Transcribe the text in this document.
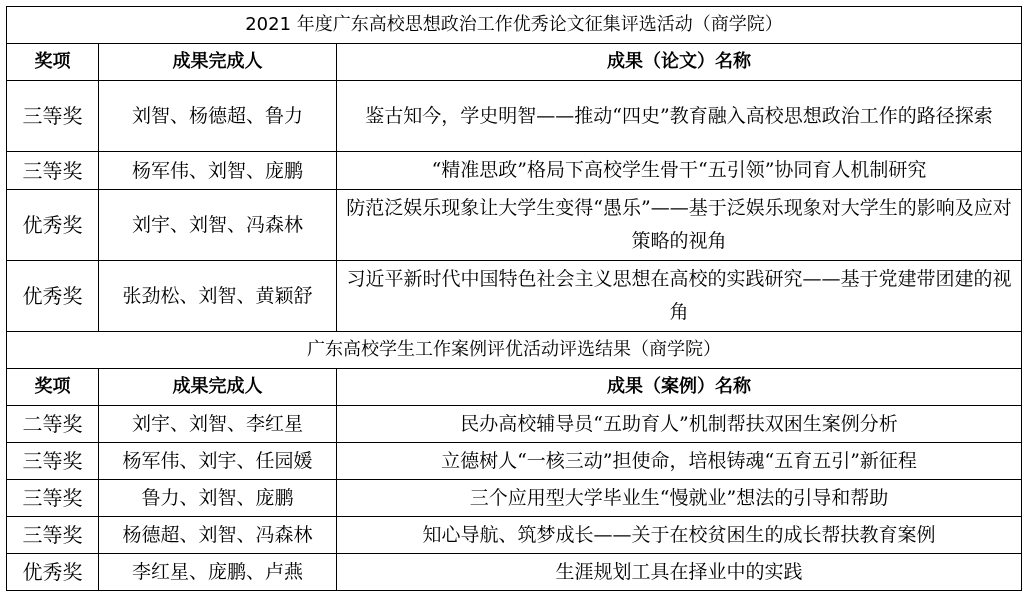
2021 年度广东高校思想政治工作优秀论文征集评选活动（商学院）		
奖项	成果完成人	成果（论文）名称
三等奖	刘智、杨德超、鲁力	鉴古知今，学史明智——推动“四史”教育融入高校思想政治工作的路径探索
三等奖	杨军伟、刘智、庞鹏	“精准思政”格局下高校学生骨干“五引领”协同育人机制研究
优秀奖	刘宇、刘智、冯森林	防范泛娱乐现象让大学生变得“愚乐”——基于泛娱乐现象对大学生的影响及应对策略的视角
优秀奖	张劲松、刘智、黄颖舒	习近平新时代中国特色社会主义思想在高校的实践研究——基于党建带团建的视角
广东高校学生工作案例评优活动评选结果（商学院）		
奖项	成果完成人	成果（案例）名称
二等奖	刘宇、刘智、李红星	民办高校辅导员“五助育人”机制帮扶双困生案例分析
三等奖	杨军伟、刘宇、任园媛	立德树人“一核三动”担使命，培根铸魂“五育五引”新征程
三等奖	鲁力、刘智、庞鹏	三个应用型大学毕业生“慢就业”想法的引导和帮助
三等奖	杨德超、刘智、冯森林	知心导航、筑梦成长——关于在校贫困生的成长帮扶教育案例
优秀奖	李红星、庞鹏、卢燕	生涯规划工具在择业中的实践
